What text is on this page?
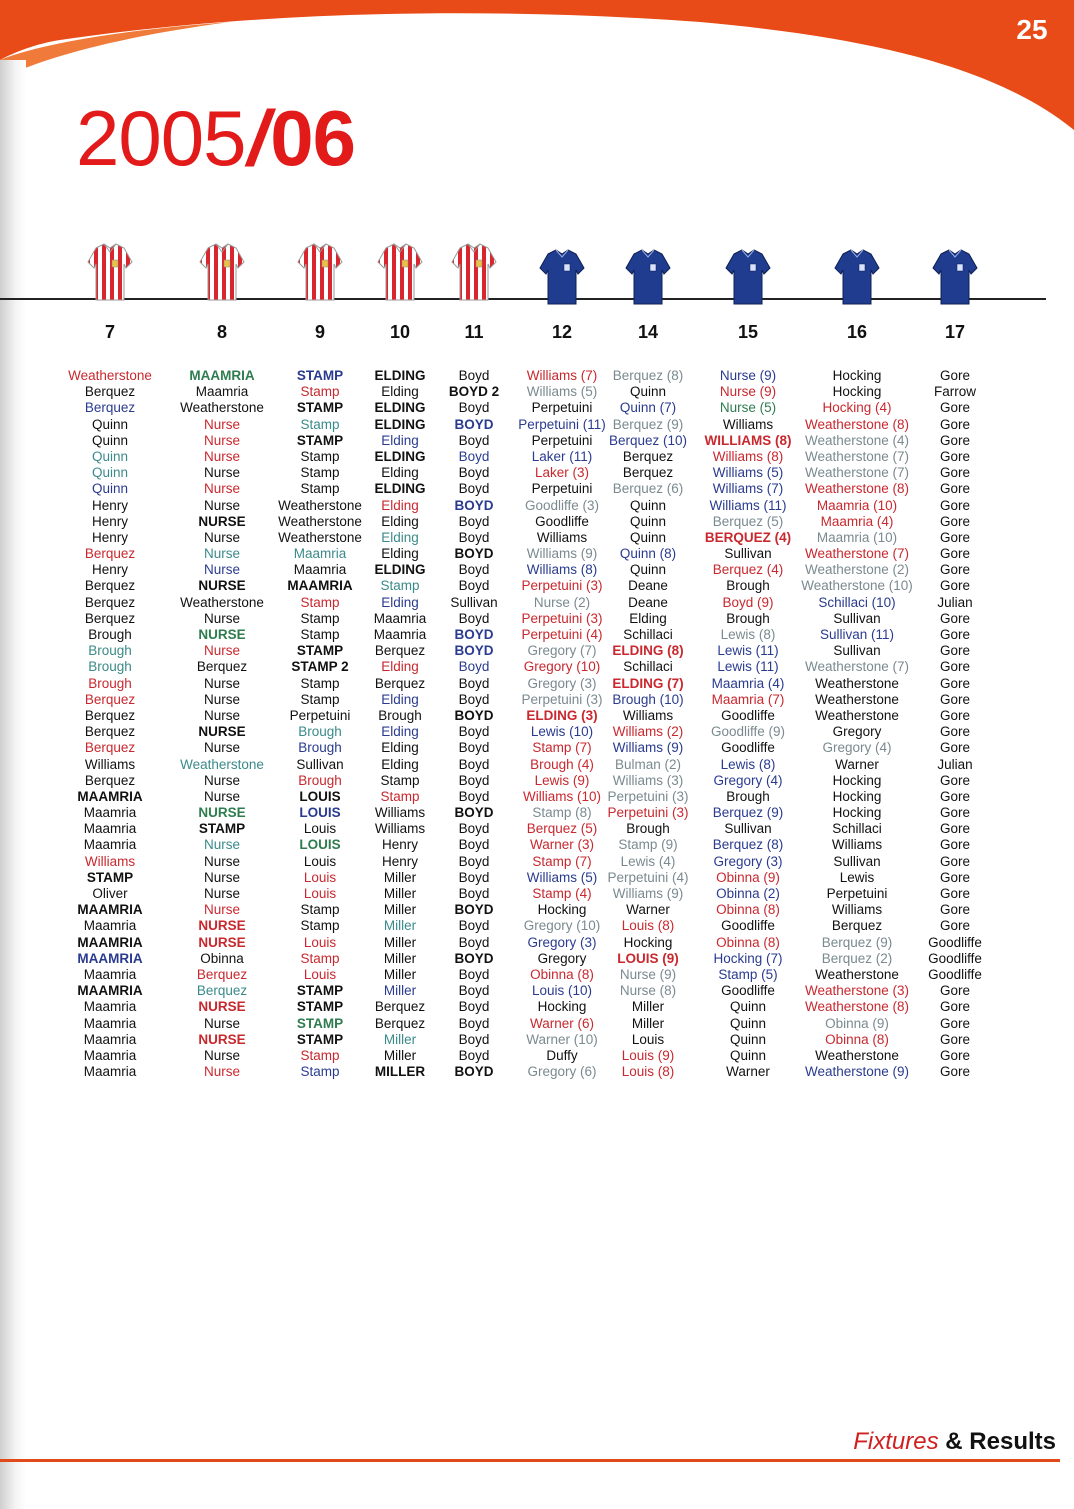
25
2005/06
7
Weatherstone
Berquez
Berquez
Quinn
Quinn
Quinn
Quinn
Quinn
Henry
Henry
Henry
Berquez
Henry
Berquez
Berquez
Berquez
Brough
Brough
Brough
Brough
Berquez
Berquez
Berquez
Berquez
Williams
Berquez
MAAMRIA
Maamria
Maamria
Maamria
Williams
STAMP
Oliver
MAAMRIA
Maamria
MAAMRIA
MAAMRIA
Maamria
MAAMRIA
Maamria
Maamria
Maamria
Maamria
Maamria
8
MAAMRIA
Maamria
Weatherstone
Nurse
Nurse
Nurse
Nurse
Nurse
Nurse
NURSE
Nurse
Nurse
Nurse
NURSE
Weatherstone
Nurse
NURSE
Nurse
Berquez
Nurse
Nurse
Nurse
NURSE
Nurse
Weatherstone
Nurse
Nurse
NURSE
STAMP
Nurse
Nurse
Nurse
Nurse
Nurse
NURSE
NURSE
Obinna
Berquez
Berquez
NURSE
Nurse
NURSE
Nurse
Nurse
9
STAMP
Stamp
STAMP
Stamp
STAMP
Stamp
Stamp
Stamp
Weatherstone
Weatherstone
Weatherstone
Maamria
Maamria
MAAMRIA
Stamp
Stamp
Stamp
STAMP
STAMP 2
Stamp
Stamp
Perpetuini
Brough
Brough
Sullivan
Brough
LOUIS
LOUIS
Louis
LOUIS
Louis
Louis
Louis
Stamp
Stamp
Louis
Stamp
Louis
STAMP
STAMP
STAMP
STAMP
Stamp
Stamp
10
ELDING
Elding
ELDING
ELDING
Elding
ELDING
Elding
ELDING
Elding
Elding
Elding
Elding
ELDING
Stamp
Elding
Maamria
Maamria
Berquez
Elding
Berquez
Elding
Brough
Elding
Elding
Elding
Stamp
Stamp
Williams
Williams
Henry
Henry
Miller
Miller
Miller
Miller
Miller
Miller
Miller
Miller
Berquez
Berquez
Miller
Miller
MILLER
11
Boyd
BOYD 2
Boyd
BOYD
Boyd
Boyd
Boyd
Boyd
BOYD
Boyd
Boyd
BOYD
Boyd
Boyd
Sullivan
Boyd
BOYD
BOYD
Boyd
Boyd
Boyd
BOYD
Boyd
Boyd
Boyd
Boyd
Boyd
BOYD
Boyd
Boyd
Boyd
Boyd
Boyd
BOYD
Boyd
Boyd
BOYD
Boyd
Boyd
Boyd
Boyd
Boyd
Boyd
BOYD
12
Williams (7)
Williams (5)
Perpetuini
Perpetuini (11)
Perpetuini
Laker (11)
Laker (3)
Perpetuini
Goodliffe (3)
Goodliffe
Williams
Williams (9)
Williams (8)
Perpetuini (3)
Nurse (2)
Perpetuini (3)
Perpetuini (4)
Gregory (7)
Gregory (10)
Gregory (3)
Perpetuini (3)
ELDING (3)
Lewis (10)
Stamp (7)
Brough (4)
Lewis (9)
Williams (10)
Stamp (8)
Berquez (5)
Warner (3)
Stamp (7)
Williams (5)
Stamp (4)
Hocking
Gregory (10)
Gregory (3)
Gregory
Obinna (8)
Louis (10)
Hocking
Warner (6)
Warner (10)
Duffy
Gregory (6)
14
Berquez (8)
Quinn
Quinn (7)
Berquez (9)
Berquez (10)
Berquez
Berquez
Berquez (6)
Quinn
Quinn
Quinn
Quinn (8)
Quinn
Deane
Deane
Elding
Schillaci
ELDING (8)
Schillaci
ELDING (7)
Brough (10)
Williams
Williams (2)
Williams (9)
Bulman (2)
Williams (3)
Perpetuini (3)
Perpetuini (3)
Brough
Stamp (9)
Lewis (4)
Perpetuini (4)
Williams (9)
Warner
Louis (8)
Hocking
LOUIS (9)
Nurse (9)
Nurse (8)
Miller
Miller
Louis
Louis (9)
Louis (8)
15
Nurse (9)
Nurse (9)
Nurse (5)
Williams
WILLIAMS (8)
Williams (8)
Williams (5)
Williams (7)
Williams (11)
Berquez (5)
BERQUEZ (4)
Sullivan
Berquez (4)
Brough
Boyd (9)
Brough
Lewis (8)
Lewis (11)
Lewis (11)
Maamria (4)
Maamria (7)
Goodliffe
Goodliffe (9)
Goodliffe
Lewis (8)
Gregory (4)
Brough
Berquez (9)
Sullivan
Berquez (8)
Gregory (3)
Obinna (9)
Obinna (2)
Obinna (8)
Goodliffe
Obinna (8)
Hocking (7)
Stamp (5)
Goodliffe
Quinn
Quinn
Quinn
Quinn
Warner
16
Hocking
Hocking
Hocking (4)
Weatherstone (8)
Weatherstone (4)
Weatherstone (7)
Weatherstone (7)
Weatherstone (8)
Maamria (10)
Maamria (4)
Maamria (10)
Weatherstone (7)
Weatherstone (2)
Weatherstone (10)
Schillaci (10)
Sullivan
Sullivan (11)
Sullivan
Weatherstone (7)
Weatherstone
Weatherstone
Weatherstone
Gregory
Gregory (4)
Warner
Hocking
Hocking
Hocking
Schillaci
Williams
Sullivan
Lewis
Perpetuini
Williams
Berquez
Berquez (9)
Berquez (2)
Weatherstone
Weatherstone (3)
Weatherstone (8)
Obinna (9)
Obinna (8)
Weatherstone
Weatherstone (9)
17
Gore
Farrow
Gore
Gore
Gore
Gore
Gore
Gore
Gore
Gore
Gore
Gore
Gore
Gore
Julian
Gore
Gore
Gore
Gore
Gore
Gore
Gore
Gore
Gore
Julian
Gore
Gore
Gore
Gore
Gore
Gore
Gore
Gore
Gore
Gore
Goodliffe
Goodliffe
Goodliffe
Gore
Gore
Gore
Gore
Gore
Gore
Fixtures & Results
